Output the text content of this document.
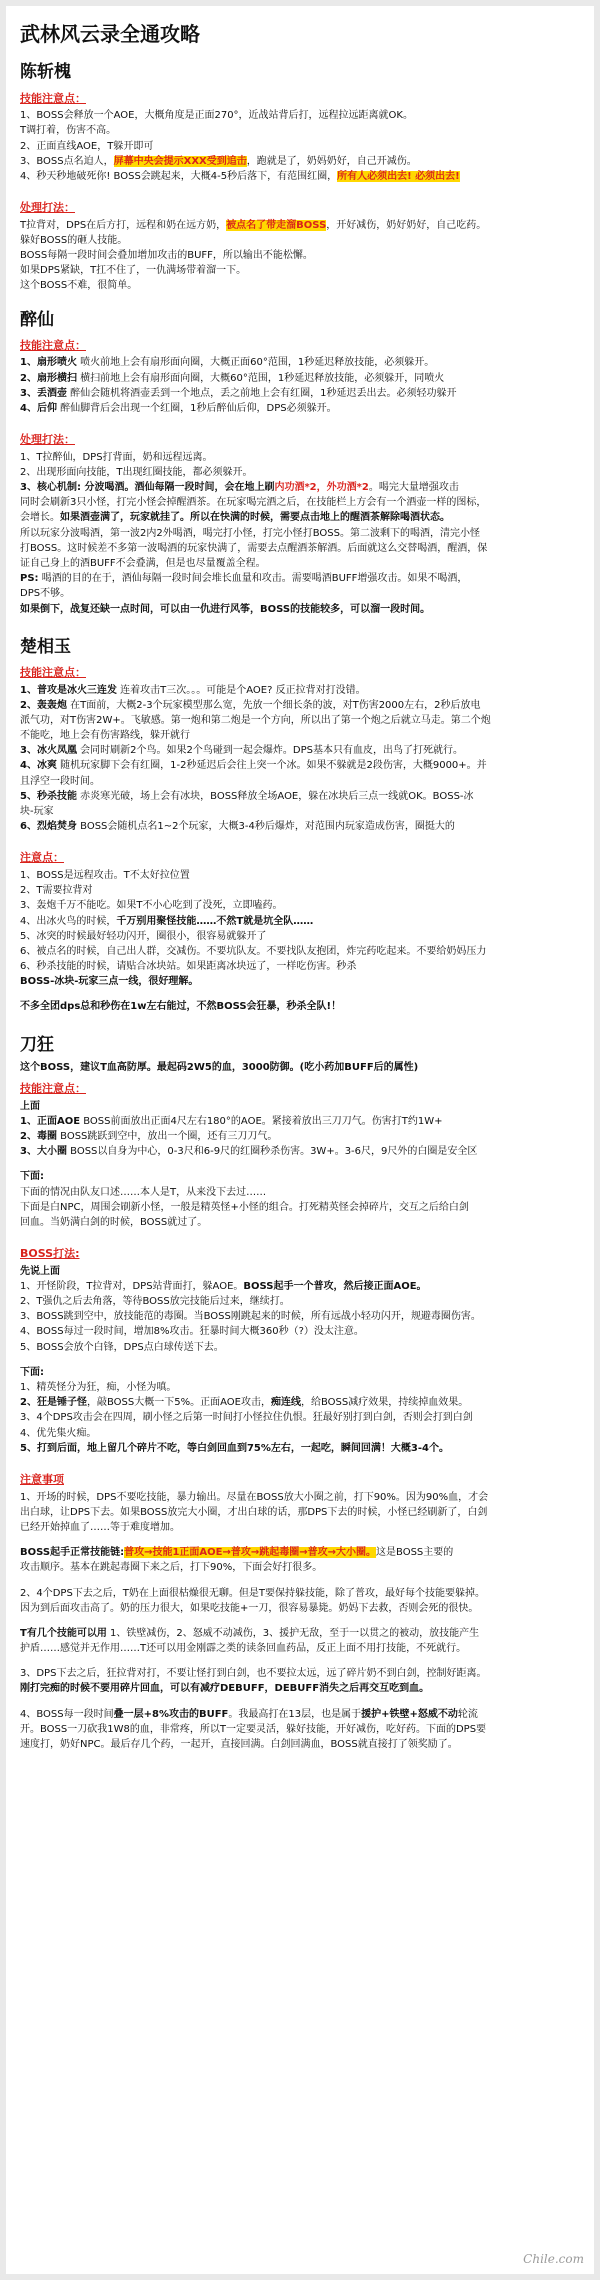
武林风云录全通攻略
陈斩槐
技能注意点：

1、BOSS会释放一个AOE，大概角度是正面270°，近战站背后打，远程拉远距离就OK。

T调打着，伤害不高。

2、正面直线AOE，T躲开即可

3、BOSS点名迫人，屏幕中央会提示XXX受到追击，跑就是了，奶妈奶好，自己开减伤。

4、秒天秒地破死你! BOSS会跳起来，大概4-5秒后落下，有范围红圈，所有人必须出去! 必须出去!

处理打法：

T拉背对，DPS在后方打，远程和奶在远方奶，被点名了带走溜BOSS，开好减伤，奶好奶好，自己吃药。

躲好BOSS的砸人技能。

BOSS每隔一段时间会叠加增加攻击的BUFF，所以输出不能松懈。

如果DPS紧缺，T扛不住了，一仇满场带着溜一下。

这个BOSS不难，很简单。

醉仙
技能注意点：

1、扇形喷火 喷火前地上会有扇形面向圈，大概正面60°范围，1秒延迟释放技能，必须躲开。

2、扇形横扫 横扫前地上会有扇形面向圈，大概60°范围，1秒延迟释放技能，必须躲开，同喷火

3、丢酒壶 醉仙会随机将酒壶丢到一个地点，丢之前地上会有红圈，1秒延迟丢出去。必须轻功躲开

4、后仰 醉仙脚背后会出现一个红圈，1秒后醉仙后仰，DPS必须躲开。

处理打法：

1、T拉醉仙，DPS打背面，奶和远程远离。

2、出现形面向技能，T出现红圈技能，都必须躲开。

3、核心机制: 分波喝酒。酒仙每隔一段时间，会在地上刷内功酒*2，外功酒*2。喝完大量增强攻击

同时会刷新3只小怪，打完小怪会掉醒酒茶。在玩家喝完酒之后，在技能栏上方会有一个酒壶一样的图标，

会增长。如果酒壶满了，玩家就挂了。所以在快满的时候，需要点击地上的醒酒茶解除喝酒状态。

所以玩家分波喝酒，第一波2内2外喝酒，喝完打小怪，打完小怪打BOSS。第二波剩下的喝酒，清完小怪

打BOSS。这时候差不多第一波喝酒的玩家快满了，需要去点醒酒茶解酒。后面就这么交替喝酒，醒酒，保

证自己身上的酒BUFF不会叠满，但是也尽量覆盖全程。

PS: 喝酒的目的在于，酒仙每隔一段时间会堆长血量和攻击。需要喝酒BUFF增强攻击。如果不喝酒，

DPS不够。

如果倒下，战复还缺一点时间，可以由一仇进行风筝，BOSS的技能较多，可以溜一段时间。

楚相玉
技能注意点：

1、普攻是冰火三连发 连着攻击T三次。。。可能是个AOE? 反正拉背对打没错。

2、轰轰炮 在T面前，大概2-3个玩家模型那么宽，先放一个细长条的波，对T伤害2000左右，2秒后放电

派气功，对T伤害2W+。飞敏感。第一炮和第二炮是一个方向，所以出了第一个炮之后就立马走。第二个炮

不能吃，地上会有伤害路线，躲开就行

3、冰火凤凰 会同时刷新2个鸟。如果2个鸟碰到一起会爆炸。DPS基本只有血皮，出鸟了打死就行。

4、冰爽 随机玩家脚下会有红圈，1-2秒延迟后会往上突一个冰。如果不躲就是2段伤害，大概9000+。并

且浮空一段时间。

5、秒杀技能 赤炎寒光破，场上会有冰块，BOSS释放全场AOE，躲在冰块后三点一线就OK。BOSS-冰

块-玩家

6、烈焰焚身 BOSS会随机点名1~2个玩家，大概3-4秒后爆炸，对范围内玩家造成伤害，圈挺大的

注意点：

1、BOSS是远程攻击。T不太好拉位置

2、T需要拉背对

3、轰炮千万不能吃。如果T不小心吃到了没死，立即嗑药。

4、出冰火鸟的时候，千万别用聚怪技能……不然T就是坑全队……

5、冰突的时候最好轻功闪开，圈很小，很容易就躲开了

6、被点名的时候，自己出人群，交减伤。不要坑队友。不要找队友抱团，炸完药吃起来。不要给奶妈压力

6、秒杀技能的时候，请贴合冰块站。如果距离冰块远了，一样吃伤害。秒杀

BOSS-冰块-玩家三点一线，很好理解。

不多全团dps总和秒伤在1w左右能过，不然BOSS会狂暴，秒杀全队!！

刀狂

这个BOSS，建议T血高防厚。最起码2W5的血，3000防御。(吃小药加BUFF后的属性)

技能注意点：

上面

1、正面AOE BOSS前面放出正面4尺左右180°的AOE。紧接着放出三刀刀气。伤害打T约1W+

2、毒圈 BOSS跳跃到空中，放出一个圈，还有三刀刀气。

3、大小圈 BOSS以自身为中心，0-3尺和6-9尺的红圈秒杀伤害。3W+。3-6尺，9尺外的白圈是安全区

下面:

下面的情况由队友口述……本人是T，从来没下去过……

下面是白NPC，周围会刷新小怪，一般是精英怪+小怪的组合。打死精英怪会掉碎片，交互之后给白剑

回血。当奶满白剑的时候，BOSS就过了。

BOSS打法:

先说上面

1、开怪阶段，T拉背对，DPS站背面打，躲AOE。BOSS起手一个普攻，然后接正面AOE。

2、T强仇之后去角落，等待BOSS放完技能后过来，继续打。

3、BOSS跳到空中，放技能范的毒圈。当BOSS刚跳起来的时候，所有远战小轻功闪开，规避毒圈伤害。

4、BOSS每过一段时间，增加8%攻击。狂暴时间大概360秒（?）没太注意。

5、BOSS会放个白锋，DPS点白球传送下去。

下面:

1、精英怪分为狂，痴，小怪为嗔。

2、狂是锤子怪，敲BOSS大概一下5%。正面AOE攻击，痴连线，给BOSS减疗效果，持续掉血效果。

3、4个DPS攻击会在四周，刷小怪之后第一时间打小怪拉住仇恨。狂最好别打到白剑，否则会打到白剑

4、优先集火痴。

5、打到后面，地上留几个碎片不吃，等白剑回血到75%左右，一起吃，瞬间回满！大概3-4个。

注意事项

1、开场的时候，DPS不要吃技能，暴力输出。尽量在BOSS放大小圈之前，打下90%。因为90%血，才会

出白球，让DPS下去。如果BOSS放完大小圈，才出白球的话，那DPS下去的时候，小怪已经刷新了，白剑

已经开始掉血了……等于难度增加。

BOSS起手正常技能链:普攻→技能1正面AOE→普攻→跳起毒圈→普攻→大小圈。这是BOSS主要的

攻击顺序。基本在跳起毒圈下来之后，打下90%，下面会好打很多。

2、4个DPS下去之后，T奶在上面很枯燥很无聊。但是T要保持躲技能，除了普攻，最好每个技能要躲掉。

因为到后面攻击高了。奶的压力很大，如果吃技能+一刀，很容易暴毙。奶妈下去救，否则会死的很快。

T有几个技能可以用 1、铁壁减伤，2、怒威不动减伤，3、援护无敌，至于一以贯之的被动，放技能产生

护盾……感觉并无作用……T还可以用金刚霹之类的读条回血药品，反正上面不用打技能，不死就行。

3、DPS下去之后，狂拉背对打，不要让怪打到白剑，也不要拉太远，远了碎片奶不到白剑，控制好距离。

刚打完痴的时候不要用碎片回血，可以有减疗DEBUFF，DEBUFF消失之后再交互吃到血。

4、BOSS每一段时间叠一层+8%攻击的BUFF。我最高打在13层，也是属于援护+铁壁+怒威不动轮流

开。BOSS一刀砍我1W8的血，非常疼，所以T一定要灵活，躲好技能，开好减伤，吃好药。下面的DPS要

速度打，奶好NPC。最后存几个药，一起开，直接回满。白剑回满血，BOSS就直接打了领奖励了。

Chile.com
